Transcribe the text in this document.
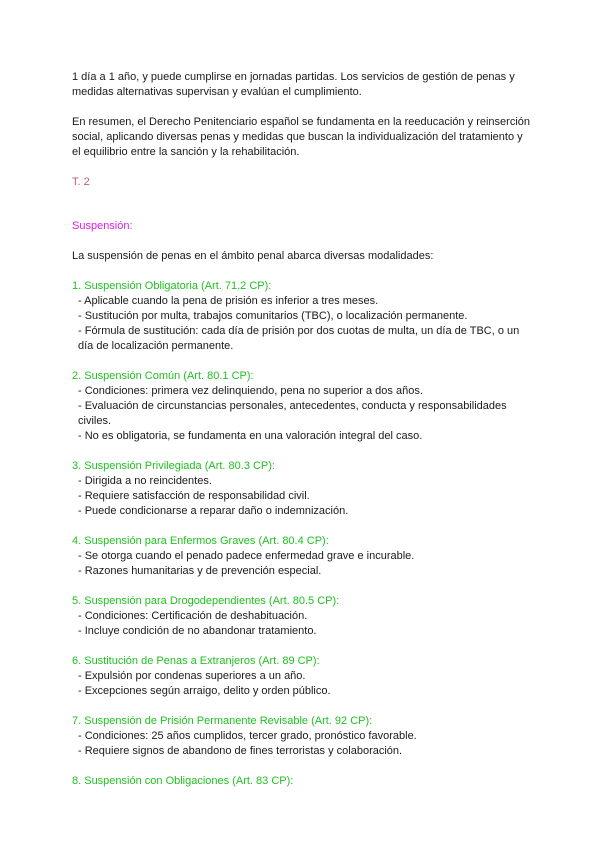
1 día a 1 año, y puede cumplirse en jornadas partidas. Los servicios de gestión de penas y medidas alternativas supervisan y evalúan el cumplimiento.

En resumen, el Derecho Penitenciario español se fundamenta en la reeducación y reinserción social, aplicando diversas penas y medidas que buscan la individualización del tratamiento y el equilibrio entre la sanción y la rehabilitación.

T. 2

Suspensión:

La suspensión de penas en el ámbito penal abarca diversas modalidades:

1. Suspensión Obligatoria (Art. 71.2 CP):

- Aplicable cuando la pena de prisión es inferior a tres meses.

- Sustitución por multa, trabajos comunitarios (TBC), o localización permanente.

- Fórmula de sustitución: cada día de prisión por dos cuotas de multa, un día de TBC, o un día de localización permanente.

2. Suspensión Común (Art. 80.1 CP):

- Condiciones: primera vez delinquiendo, pena no superior a dos años.

- Evaluación de circunstancias personales, antecedentes, conducta y responsabilidades civiles.

- No es obligatoria, se fundamenta en una valoración integral del caso.

3. Suspensión Privilegiada (Art. 80.3 CP):

- Dirigida a no reincidentes.

- Requiere satisfacción de responsabilidad civil.

- Puede condicionarse a reparar daño o indemnización.

4. Suspensión para Enfermos Graves (Art. 80.4 CP):

- Se otorga cuando el penado padece enfermedad grave e incurable.

- Razones humanitarias y de prevención especial.

5. Suspensión para Drogodependientes (Art. 80.5 CP):

- Condiciones: Certificación de deshabituación.

- Incluye condición de no abandonar tratamiento.

6. Sustitución de Penas a Extranjeros (Art. 89 CP):

- Expulsión por condenas superiores a un año.

- Excepciones según arraigo, delito y orden público.

7. Suspensión de Prisión Permanente Revisable (Art. 92 CP):

- Condiciones: 25 años cumplidos, tercer grado, pronóstico favorable.

- Requiere signos de abandono de fines terroristas y colaboración.

8. Suspensión con Obligaciones (Art. 83 CP):
